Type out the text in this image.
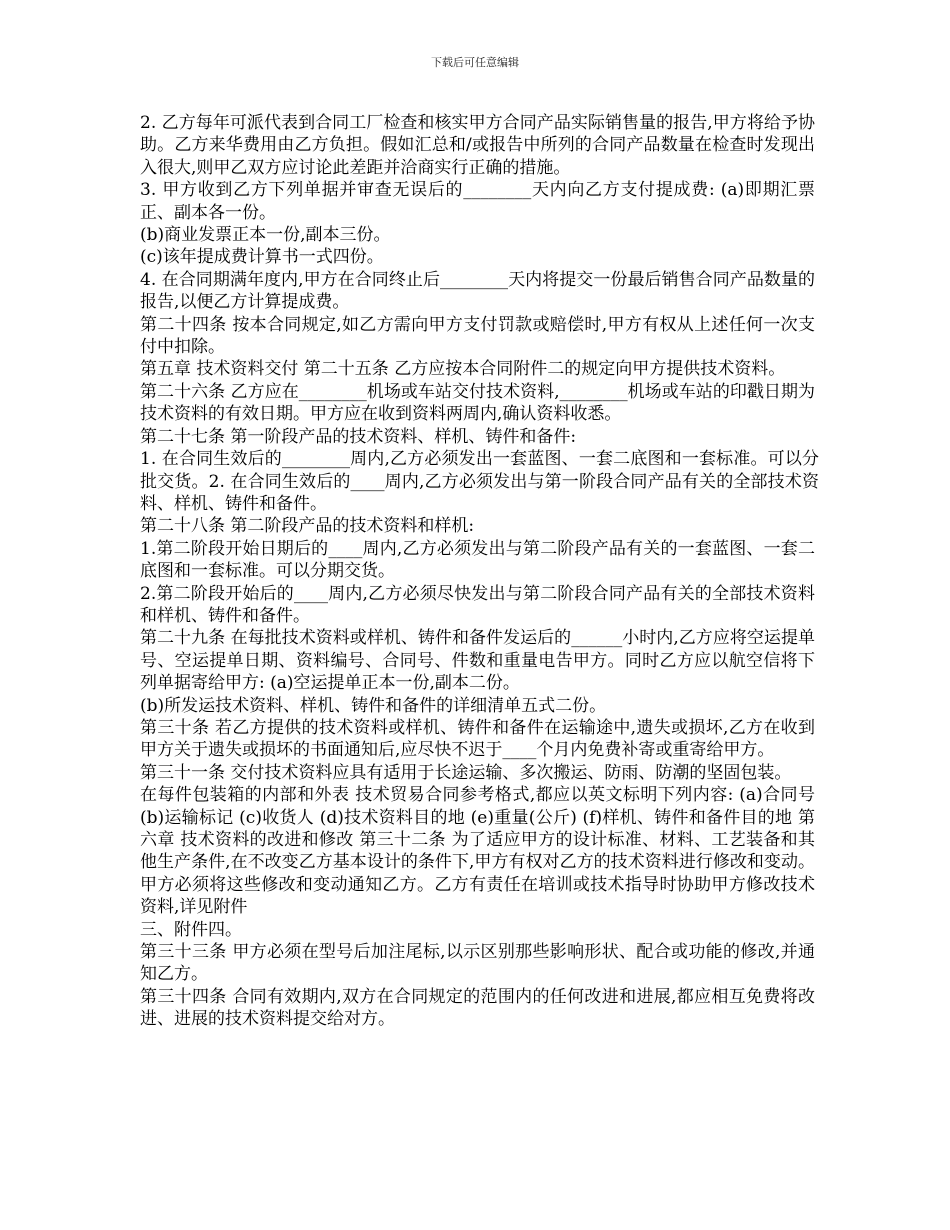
下载后可任意编辑

2. 乙方每年可派代表到合同工厂检查和核实甲方合同产品实际销售量的报告,甲方将给予协助。乙方来华费用由乙方负担。假如汇总和/或报告中所列的合同产品数量在检查时发现出入很大,则甲乙双方应讨论此差距并洽商实行正确的措施。

3. 甲方收到乙方下列单据并审查无误后的________天内向乙方支付提成费: (a)即期汇票正、副本各一份。

(b)商业发票正本一份,副本三份。

(c)该年提成费计算书一式四份。

4. 在合同期满年度内,甲方在合同终止后________天内将提交一份最后销售合同产品数量的报告,以便乙方计算提成费。

第二十四条 按本合同规定,如乙方需向甲方支付罚款或赔偿时,甲方有权从上述任何一次支付中扣除。

第五章 技术资料交付 第二十五条 乙方应按本合同附件二的规定向甲方提供技术资料。

第二十六条 乙方应在________机场或车站交付技术资料,________机场或车站的印戳日期为技术资料的有效日期。甲方应在收到资料两周内,确认资料收悉。

第二十七条 第一阶段产品的技术资料、样机、铸件和备件:

1. 在合同生效后的________周内,乙方必须发出一套蓝图、一套二底图和一套标准。可以分批交货。2. 在合同生效后的____周内,乙方必须发出与第一阶段合同产品有关的全部技术资料、样机、铸件和备件。

第二十八条 第二阶段产品的技术资料和样机:

1.第二阶段开始日期后的____周内,乙方必须发出与第二阶段产品有关的一套蓝图、一套二底图和一套标准。可以分期交货。

2.第二阶段开始后的____周内,乙方必须尽快发出与第二阶段合同产品有关的全部技术资料和样机、铸件和备件。

第二十九条 在每批技术资料或样机、铸件和备件发运后的______小时内,乙方应将空运提单号、空运提单日期、资料编号、合同号、件数和重量电告甲方。同时乙方应以航空信将下列单据寄给甲方: (a)空运提单正本一份,副本二份。

(b)所发运技术资料、样机、铸件和备件的详细清单五式二份。

第三十条 若乙方提供的技术资料或样机、铸件和备件在运输途中,遗失或损坏,乙方在收到甲方关于遗失或损坏的书面通知后,应尽快不迟于____个月内免费补寄或重寄给甲方。

第三十一条 交付技术资料应具有适用于长途运输、多次搬运、防雨、防潮的坚固包装。

在每件包装箱的内部和外表 技术贸易合同参考格式,都应以英文标明下列内容: (a)合同号 (b)运输标记 (c)收货人 (d)技术资料目的地 (e)重量(公斤) (f)样机、铸件和备件目的地 第六章 技术资料的改进和修改 第三十二条 为了适应甲方的设计标准、材料、工艺装备和其他生产条件,在不改变乙方基本设计的条件下,甲方有权对乙方的技术资料进行修改和变动。甲方必须将这些修改和变动通知乙方。乙方有责任在培训或技术指导时协助甲方修改技术资料,详见附件

三、附件四。

第三十三条 甲方必须在型号后加注尾标,以示区别那些影响形状、配合或功能的修改,并通知乙方。

第三十四条 合同有效期内,双方在合同规定的范围内的任何改进和进展,都应相互免费将改进、进展的技术资料提交给对方。
